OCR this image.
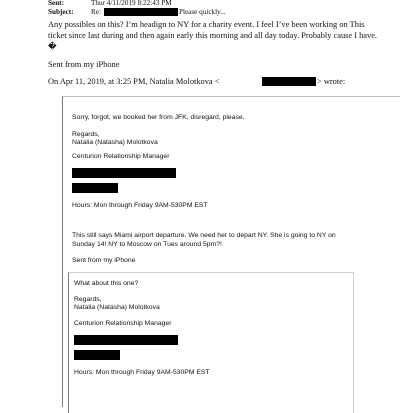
Sent:	Thur 4/11/2019 8:22:43 PM
Subject: Re:	Please quickly...
Any possibles on this? I’m headign to NY for a charity event. I feel I’ve been working on This
ticket since last during and then again early this morning and all day today. Probably cause I have.
�
Sent from my iPhone
On Apr 11, 2019, at 3:25 PM, Natalia Molotkova <	> wrote:
Sorry, forgot, we booked her from JFK, disregard, please.
Regards,
Natalia (Natasha) Molotkova
Centurion Relationship Manager
Hours: Mon through Friday 9AM-530PM EST
This still says Miami airport departure. We need her to depart NY. She is going to NY on
Sunday 14! NY to Moscow on Tues around 5pm?!
Sent from my iPhone
What about this one?
Regards,
Natalia (Natasha) Molotkova
Centurion Relationship Manager
Hours: Mon through Friday 9AM-530PM EST
